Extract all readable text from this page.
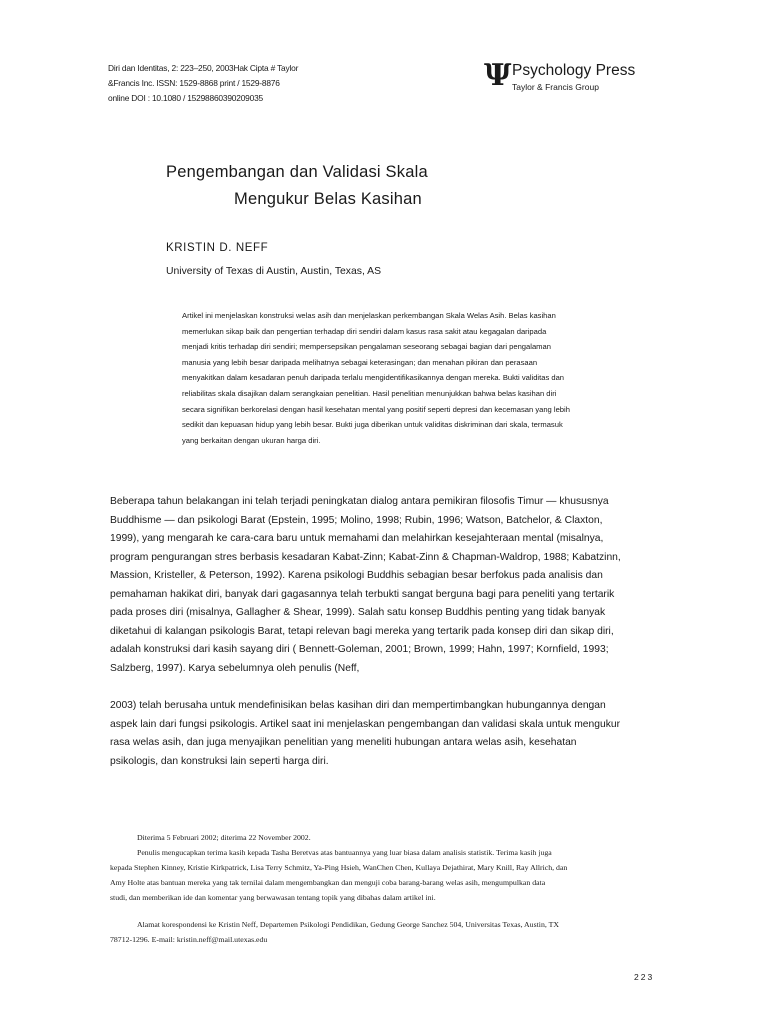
Diri dan Identitas, 2: 223–250, 2003Hak Cipta # Taylor
&Francis Inc. ISSN: 1529-8868 print / 1529-8876
online DOI : 10.1080 / 15298860390209035
Ψ Psychology Press
Taylor & Francis Group
Pengembangan dan Validasi Skala
Mengukur Belas Kasihan
KRISTIN D. NEFF
University of Texas di Austin, Austin, Texas, AS
Artikel ini menjelaskan konstruksi welas asih dan menjelaskan perkembangan Skala Welas Asih. Belas kasihan
memerlukan sikap baik dan pengertian terhadap diri sendiri dalam kasus rasa sakit atau kegagalan daripada
menjadi kritis terhadap diri sendiri; mempersepsikan pengalaman seseorang sebagai bagian dari pengalaman
manusia yang lebih besar daripada melihatnya sebagai keterasingan; dan menahan pikiran dan perasaan
menyakitkan dalam kesadaran penuh daripada terlalu mengidentifikasikannya dengan mereka. Bukti validitas dan
reliabilitas skala disajikan dalam serangkaian penelitian. Hasil penelitian menunjukkan bahwa belas kasihan diri
secara signifikan berkorelasi dengan hasil kesehatan mental yang positif seperti depresi dan kecemasan yang lebih
sedikit dan kepuasan hidup yang lebih besar. Bukti juga diberikan untuk validitas diskriminan dari skala, termasuk
yang berkaitan dengan ukuran harga diri.
Beberapa tahun belakangan ini telah terjadi peningkatan dialog antara pemikiran filosofis Timur — khususnya
Buddhisme — dan psikologi Barat (Epstein, 1995; Molino, 1998; Rubin, 1996; Watson, Batchelor, & Claxton,
1999), yang mengarah ke cara-cara baru untuk memahami dan melahirkan kesejahteraan mental (misalnya,
program pengurangan stres berbasis kesadaran Kabat-Zinn; Kabat-Zinn & Chapman-Waldrop, 1988; Kabatzinn,
Massion, Kristeller, & Peterson, 1992). Karena psikologi Buddhis sebagian besar berfokus pada analisis dan
pemahaman hakikat diri, banyak dari gagasannya telah terbukti sangat berguna bagi para peneliti yang tertarik
pada proses diri (misalnya, Gallagher & Shear, 1999). Salah satu konsep Buddhis penting yang tidak banyak
diketahui di kalangan psikologis Barat, tetapi relevan bagi mereka yang tertarik pada konsep diri dan sikap diri,
adalah konstruksi dari kasih sayang diri ( Bennett-Goleman, 2001; Brown, 1999; Hahn, 1997; Kornfield, 1993;
Salzberg, 1997). Karya sebelumnya oleh penulis (Neff,
2003) telah berusaha untuk mendefinisikan belas kasihan diri dan mempertimbangkan hubungannya dengan
aspek lain dari fungsi psikologis. Artikel saat ini menjelaskan pengembangan dan validasi skala untuk mengukur
rasa welas asih, dan juga menyajikan penelitian yang meneliti hubungan antara welas asih, kesehatan
psikologis, dan konstruksi lain seperti harga diri.
Diterima 5 Februari 2002; diterima 22 November 2002.
Penulis mengucapkan terima kasih kepada Tasha Beretvas atas bantuannya yang luar biasa dalam analisis statistik. Terima kasih juga
kepada Stephen Kinney, Kristie Kirkpatrick, Lisa Terry Schmitz, Ya-Ping Hsieh, WanChen Chen, Kullaya Dejathirat, Mary Knill, Ray Allrich, dan
Amy Holte atas bantuan mereka yang tak ternilai dalam mengembangkan dan menguji coba barang-barang welas asih, mengumpulkan data
studi, dan memberikan ide dan komentar yang berwawasan tentang topik yang dibahas dalam artikel ini.
Alamat korespondensi ke Kristin Neff, Departemen Psikologi Pendidikan, Gedung George Sanchez 504, Universitas Texas, Austin, TX
78712-1296. E-mail: kristin.neff@mail.utexas.edu
223
